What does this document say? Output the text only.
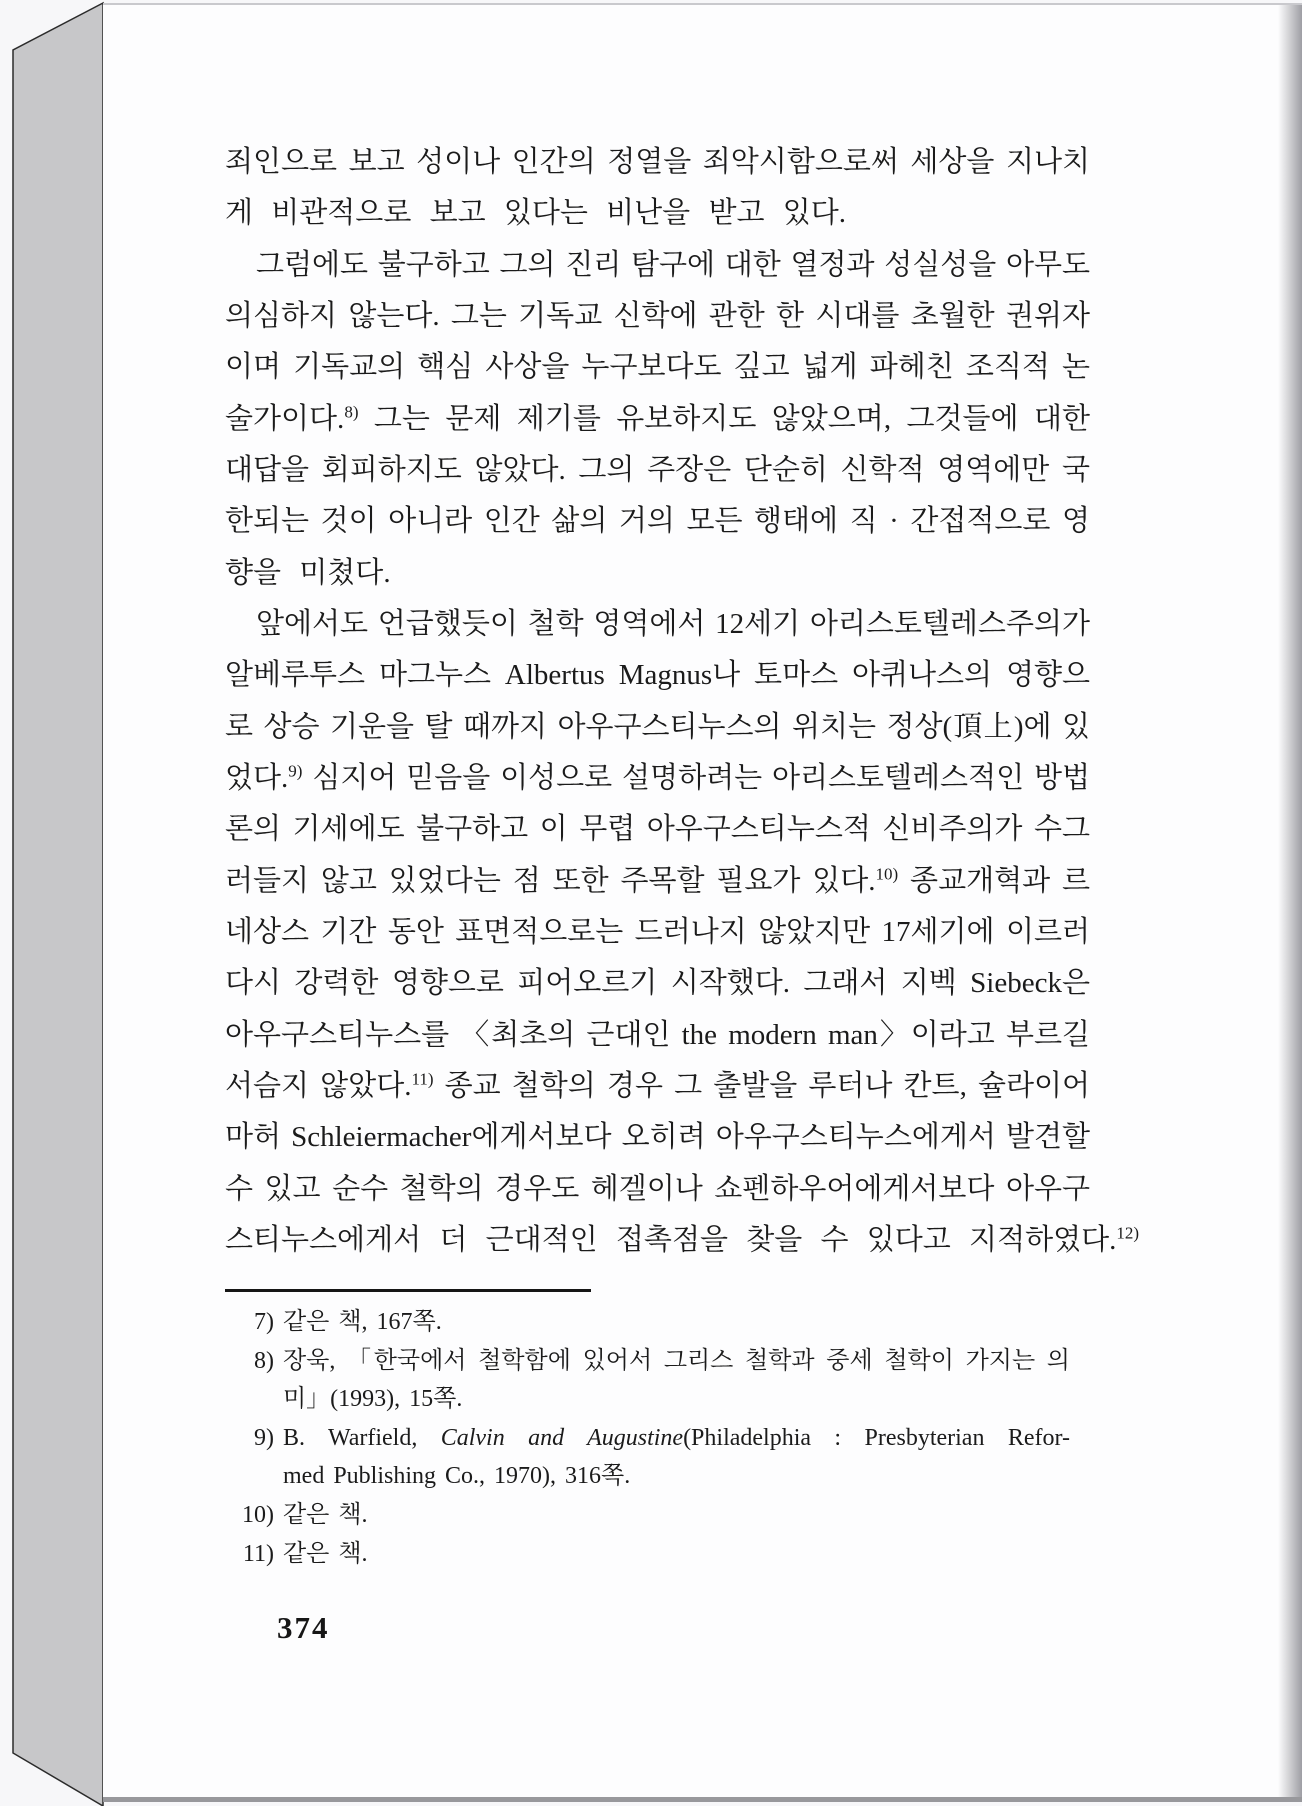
죄인으로 보고 성이나 인간의 정열을 죄악시함으로써 세상을 지나치
게 비관적으로 보고 있다는 비난을 받고 있다.
그럼에도 불구하고 그의 진리 탐구에 대한 열정과 성실성을 아무도
의심하지 않는다. 그는 기독교 신학에 관한 한 시대를 초월한 권위자
이며 기독교의 핵심 사상을 누구보다도 깊고 넓게 파헤친 조직적 논
술가이다.$^{8)}$ 그는 문제 제기를 유보하지도 않았으며, 그것들에 대한
대답을 회피하지도 않았다. 그의 주장은 단순히 신학적 영역에만 국
한되는 것이 아니라 인간 삶의 거의 모든 행태에 직 · 간접적으로 영
향을 미쳤다.
앞에서도 언급했듯이 철학 영역에서 12세기 아리스토텔레스주의가
알베루투스 마그누스 Albertus Magnus나 토마스 아퀴나스의 영향으
로 상승 기운을 탈 때까지 아우구스티누스의 위치는 정상(頂上)에 있
었다.$^{9)}$ 심지어 믿음을 이성으로 설명하려는 아리스토텔레스적인 방법
론의 기세에도 불구하고 이 무렵 아우구스티누스적 신비주의가 수그
러들지 않고 있었다는 점 또한 주목할 필요가 있다.$^{10)}$ 종교개혁과 르
네상스 기간 동안 표면적으로는 드러나지 않았지만 17세기에 이르러
다시 강력한 영향으로 피어오르기 시작했다. 그래서 지벡 Siebeck은
아우구스티누스를 〈최초의 근대인 the modern man〉이라고 부르길
서슴지 않았다.$^{11)}$ 종교 철학의 경우 그 출발을 루터나 칸트, 슐라이어
마허 Schleiermacher에게서보다 오히려 아우구스티누스에게서 발견할
수 있고 순수 철학의 경우도 헤겔이나 쇼펜하우어에게서보다 아우구
스티누스에게서 더 근대적인 접촉점을 찾을 수 있다고 지적하였다.$^{12)}$
7) 같은 책, 167쪽.
8) 장욱, 「한국에서 철학함에 있어서 그리스 철학과 중세 철학이 가지는 의
미」(1993), 15쪽.
9) B. Warfield, Calvin and Augustine(Philadelphia : Presbyterian Refor-
med Publishing Co., 1970), 316쪽.
10) 같은 책.
11) 같은 책.
374
